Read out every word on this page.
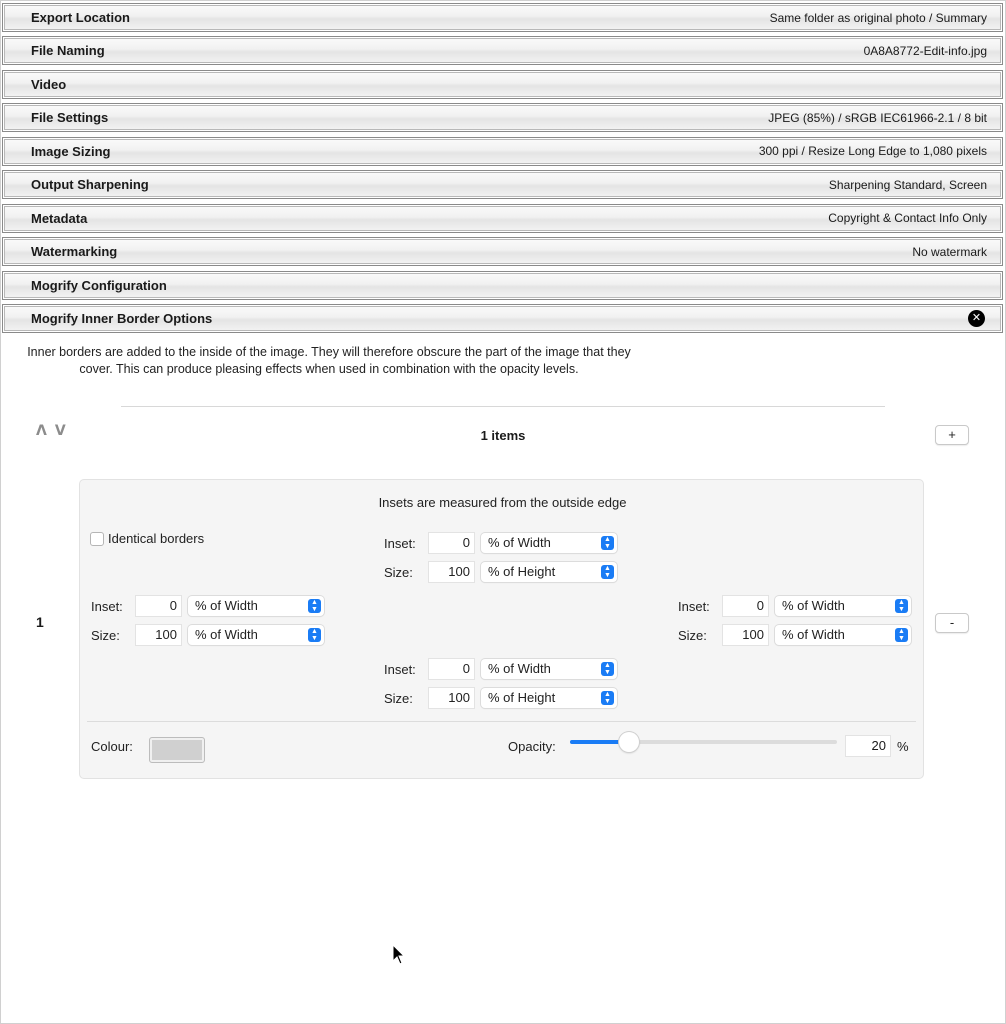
Export Location	Same folder as original photo / Summary
File Naming	0A8A8772-Edit-info.jpg
Video
File Settings	JPEG (85%) / sRGB IEC61966-2.1 / 8 bit
Image Sizing	300 ppi / Resize Long Edge to 1,080 pixels
Output Sharpening	Sharpening Standard, Screen
Metadata	Copyright & Contact Info Only
Watermarking	No watermark
Mogrify Configuration
Mogrify Inner Border Options	✕
Inner borders are added to the inside of the image. They will therefore obscure the part of the image that they cover. This can produce pleasing effects when used in combination with the opacity levels.
ᐱ ᐯ	1 items	+
-
1
Insets are measured from the outside edge
Identical borders	Inset:	0	% of Width	▲
▼
Size:	100	% of Height	▲
▼
Inset:	0	% of Width	▲
▼
Size:	100	% of Width	▲
▼
Inset:	0	% of Width	▲
▼
Size:	100	% of Width	▲
▼
Inset:	0	% of Width	▲
▼
Size:	100	% of Height	▲
▼
Colour:	Opacity:	20 %
